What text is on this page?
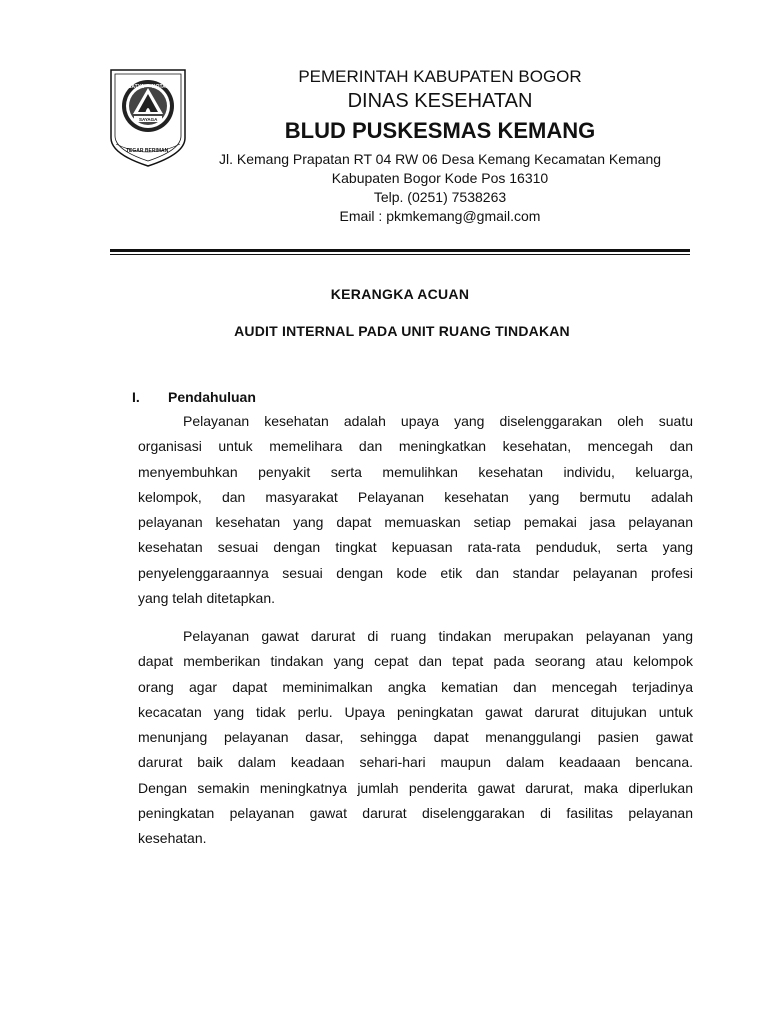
SATYA KOTAPA
SAYAGA
TEGAR BERIMAN
PEMERINTAH KABUPATEN BOGOR
DINAS KESEHATAN
BLUD PUSKESMAS KEMANG
Jl. Kemang Prapatan RT 04 RW 06 Desa Kemang Kecamatan Kemang
Kabupaten Bogor Kode Pos 16310
Telp. (0251) 7538263
Email : pkmkemang@gmail.com
KERANGKA ACUAN
AUDIT INTERNAL PADA UNIT RUANG TINDAKAN
I. Pendahuluan
Pelayanan kesehatan adalah upaya yang diselenggarakan oleh suatu
organisasi untuk memelihara dan meningkatkan kesehatan, mencegah dan
menyembuhkan penyakit serta memulihkan kesehatan individu, keluarga,
kelompok, dan masyarakat Pelayanan kesehatan yang bermutu adalah
pelayanan kesehatan yang dapat memuaskan setiap pemakai jasa pelayanan
kesehatan sesuai dengan tingkat kepuasan rata-rata penduduk, serta yang
penyelenggaraannya sesuai dengan kode etik dan standar pelayanan profesi
yang telah ditetapkan.
Pelayanan gawat darurat di ruang tindakan merupakan pelayanan yang
dapat memberikan tindakan yang cepat dan tepat pada seorang atau kelompok
orang agar dapat meminimalkan angka kematian dan mencegah terjadinya
kecacatan yang tidak perlu. Upaya peningkatan gawat darurat ditujukan untuk
menunjang pelayanan dasar, sehingga dapat menanggulangi pasien gawat
darurat baik dalam keadaan sehari-hari maupun dalam keadaaan bencana.
Dengan semakin meningkatnya jumlah penderita gawat darurat, maka diperlukan
peningkatan pelayanan gawat darurat diselenggarakan di fasilitas pelayanan
kesehatan.
